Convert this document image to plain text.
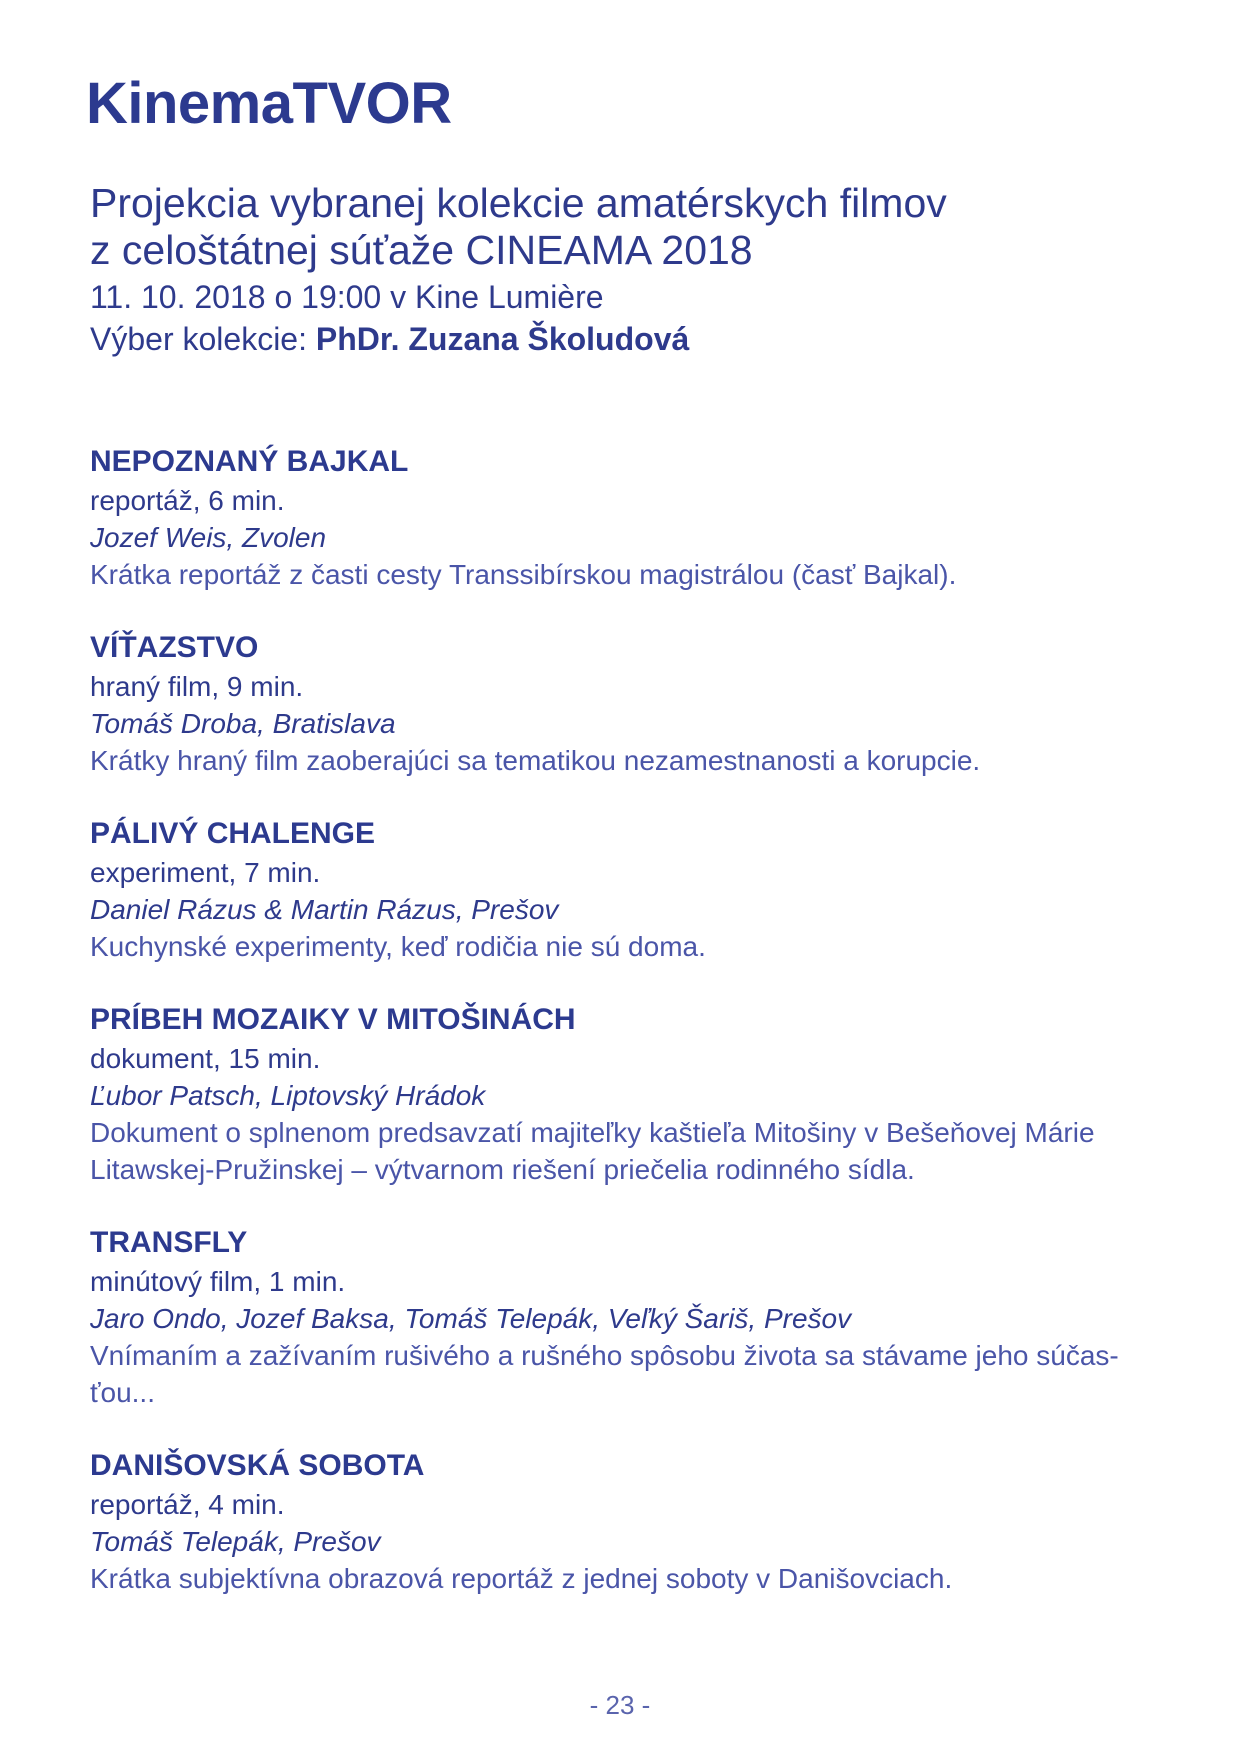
KinemaTVOR

Projekcia vybranej kolekcie amatérskych filmov

z celoštátnej súťaže CINEAMA 2018

11. 10. 2018 o 19:00 v Kine Lumière

Výber kolekcie: PhDr. Zuzana Školudová

NEPOZNANÝ BAJKAL

reportáž, 6 min.

Jozef Weis, Zvolen

Krátka reportáž z časti cesty Transsibírskou magistrálou (časť Bajkal).

VÍŤAZSTVO

hraný film, 9 min.

Tomáš Droba, Bratislava

Krátky hraný film zaoberajúci sa tematikou nezamestnanosti a korupcie.

PÁLIVÝ CHALENGE

experiment, 7 min.

Daniel Rázus & Martin Rázus, Prešov

Kuchynské experimenty, keď rodičia nie sú doma.

PRÍBEH MOZAIKY V MITOŠINÁCH

dokument, 15 min.

Ľubor Patsch, Liptovský Hrádok

Dokument o splnenom predsavzatí majiteľky kaštieľa Mitošiny v Bešeňovej Márie

Litawskej-Pružinskej – výtvarnom riešení priečelia rodinného sídla.

TRANSFLY

minútový film, 1 min.

Jaro Ondo, Jozef Baksa, Tomáš Telepák, Veľký Šariš, Prešov

Vnímaním a zažívaním rušivého a rušného spôsobu života sa stávame jeho súčas-

ťou...

DANIŠOVSKÁ SOBOTA

reportáž, 4 min.

Tomáš Telepák, Prešov

Krátka subjektívna obrazová reportáž z jednej soboty v Danišovciach.

- 23 -
